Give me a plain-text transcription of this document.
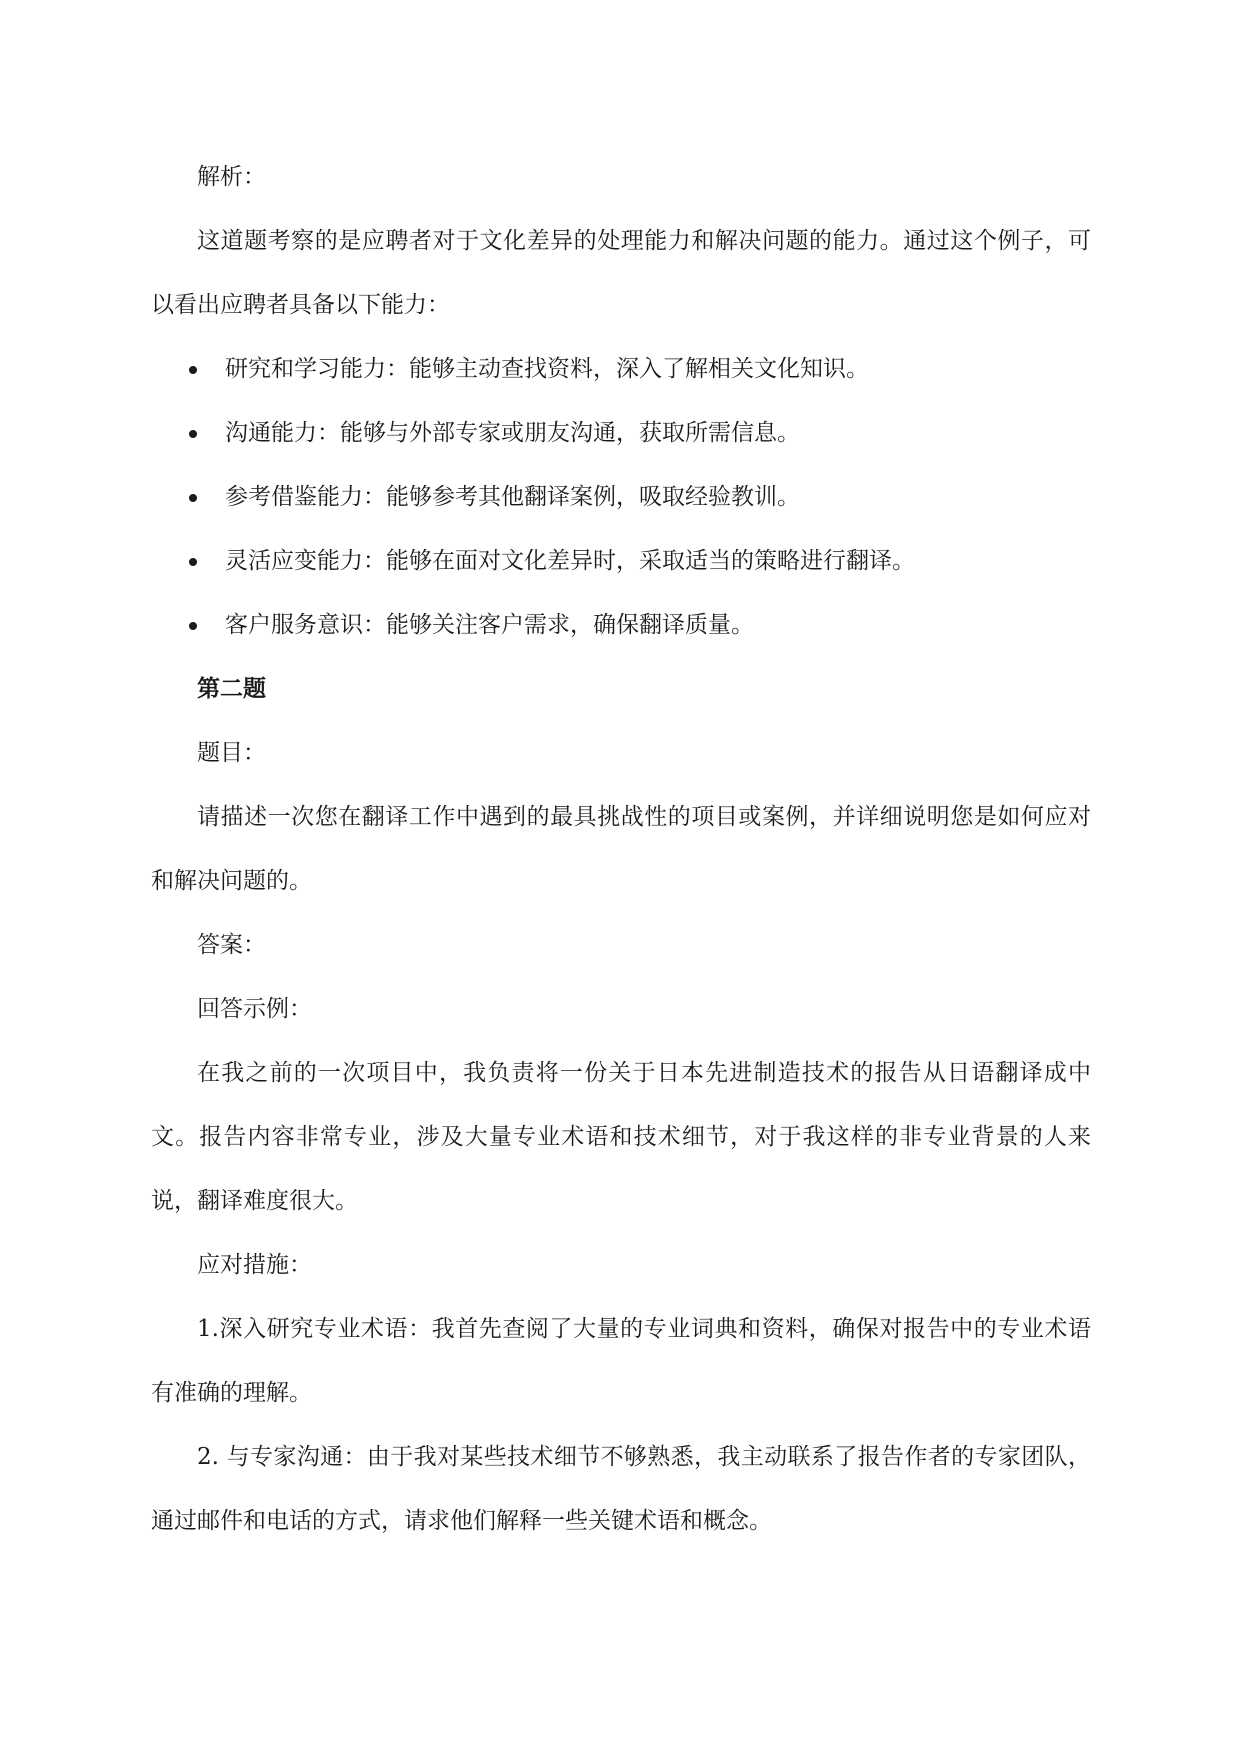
解析：

这道题考察的是应聘者对于文化差异的处理能力和解决问题的能力。通过这个例子，可以看出应聘者具备以下能力：

研究和学习能力：能够主动查找资料，深入了解相关文化知识。
沟通能力：能够与外部专家或朋友沟通，获取所需信息。
参考借鉴能力：能够参考其他翻译案例，吸取经验教训。
灵活应变能力：能够在面对文化差异时，采取适当的策略进行翻译。
客户服务意识：能够关注客户需求，确保翻译质量。

第二题

题目：

请描述一次您在翻译工作中遇到的最具挑战性的项目或案例，并详细说明您是如何应对和解决问题的。

答案：

回答示例：

在我之前的一次项目中，我负责将一份关于日本先进制造技术的报告从日语翻译成中文。报告内容非常专业，涉及大量专业术语和技术细节，对于我这样的非专业背景的人来说，翻译难度很大。

应对措施：

1.深入研究专业术语：我首先查阅了大量的专业词典和资料，确保对报告中的专业术语有准确的理解。

2. 与专家沟通：由于我对某些技术细节不够熟悉，我主动联系了报告作者的专家团队，通过邮件和电话的方式，请求他们解释一些关键术语和概念。
